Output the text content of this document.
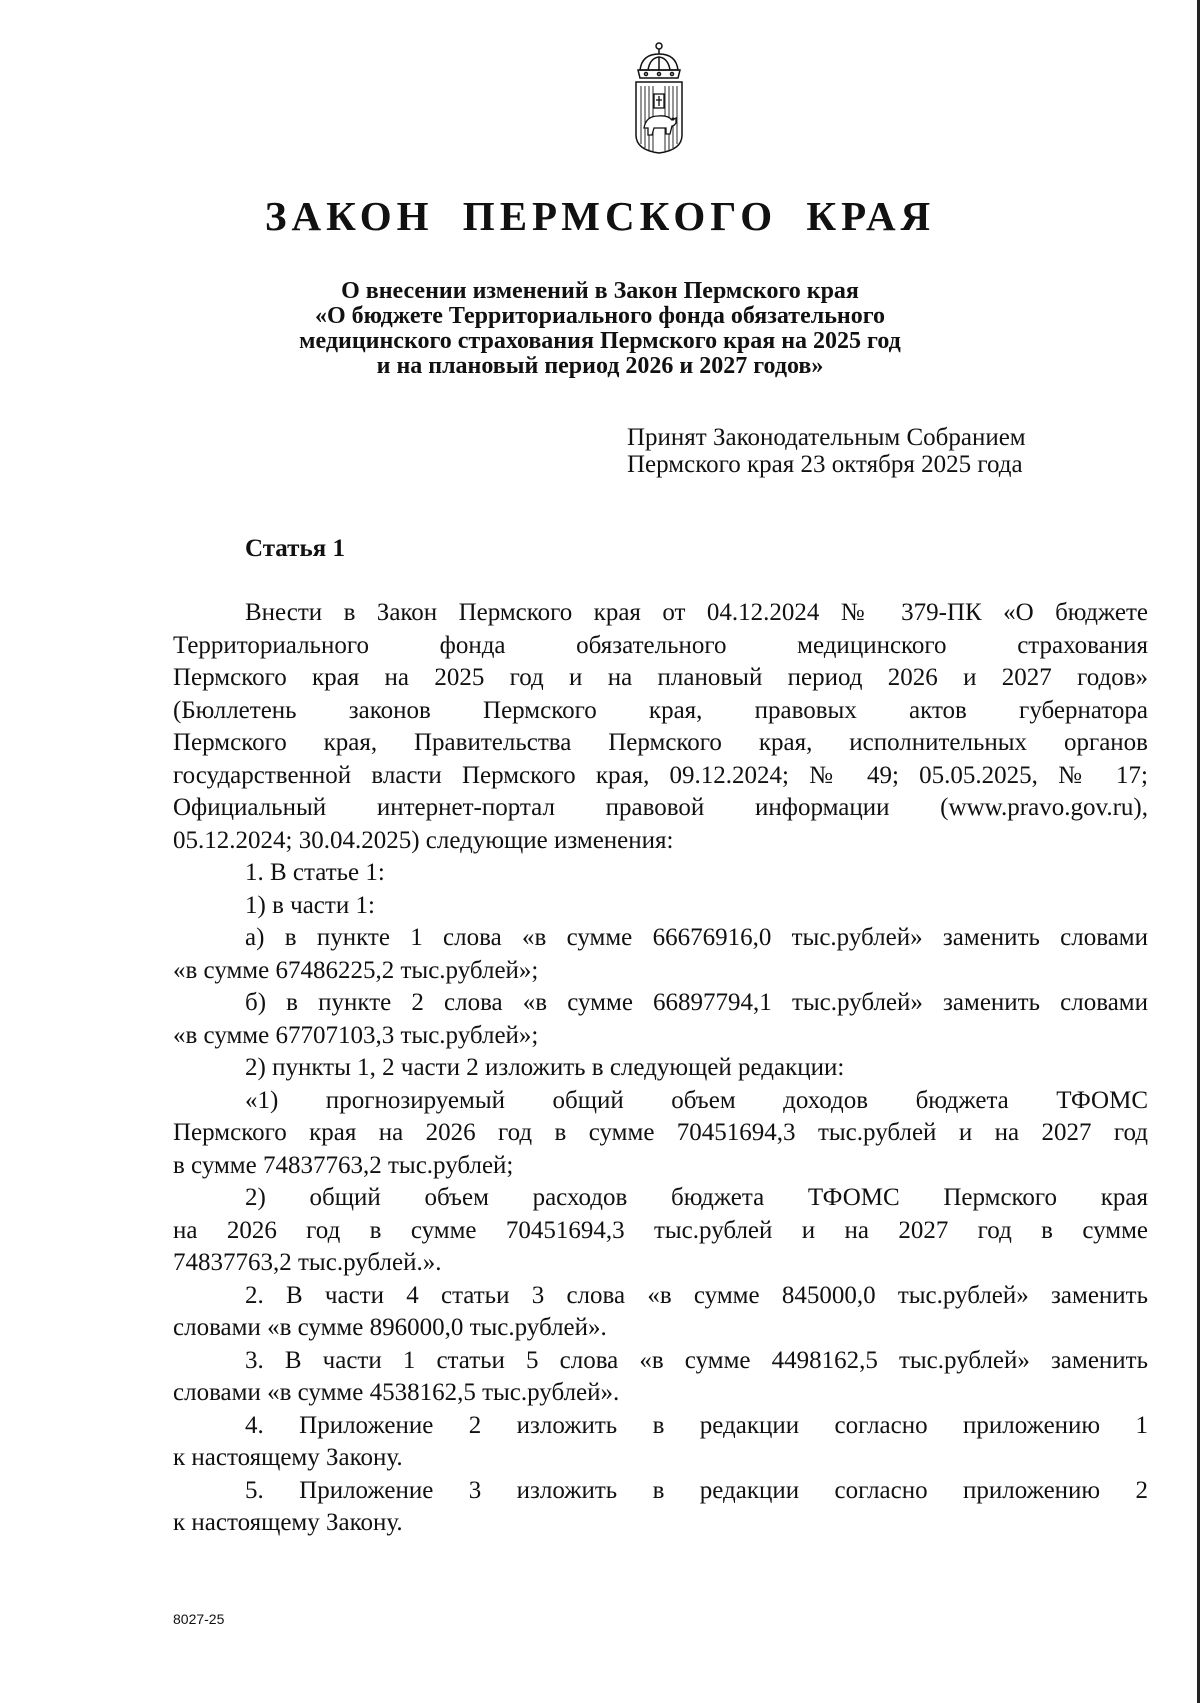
ЗАКОН ПЕРМСКОГО КРАЯ
О внесении изменений в Закон Пермского края
«О бюджете Территориального фонда обязательного
медицинского страхования Пермского края на 2025 год
и на плановый период 2026 и 2027 годов»
Принят Законодательным Собранием
Пермского края 23 октября 2025 года
Статья 1
Внести в Закон Пермского края от 04.12.2024 № 379-ПК «О бюджете
Территориального фонда обязательного медицинского страхования
Пермского края на 2025 год и на плановый период 2026 и 2027 годов»
(Бюллетень законов Пермского края, правовых актов губернатора
Пермского края, Правительства Пермского края, исполнительных органов
государственной власти Пермского края, 09.12.2024; № 49; 05.05.2025, № 17;
Официальный интернет-портал правовой информации (www.pravo.gov.ru),
05.12.2024; 30.04.2025) следующие изменения:
1. В статье 1:
1) в части 1:
а) в пункте 1 слова «в сумме 66676916,0 тыс.рублей» заменить словами
«в сумме 67486225,2 тыс.рублей»;
б) в пункте 2 слова «в сумме 66897794,1 тыс.рублей» заменить словами
«в сумме 67707103,3 тыс.рублей»;
2) пункты 1, 2 части 2 изложить в следующей редакции:
«1) прогнозируемый общий объем доходов бюджета ТФОМС
Пермского края на 2026 год в сумме 70451694,3 тыс.рублей и на 2027 год
в сумме 74837763,2 тыс.рублей;
2) общий объем расходов бюджета ТФОМС Пермского края
на 2026 год в сумме 70451694,3 тыс.рублей и на 2027 год в сумме
74837763,2 тыс.рублей.».
2. В части 4 статьи 3 слова «в сумме 845000,0 тыс.рублей» заменить
словами «в сумме 896000,0 тыс.рублей».
3. В части 1 статьи 5 слова «в сумме 4498162,5 тыс.рублей» заменить
словами «в сумме 4538162,5 тыс.рублей».
4. Приложение 2 изложить в редакции согласно приложению 1
к настоящему Закону.
5. Приложение 3 изложить в редакции согласно приложению 2
к настоящему Закону.
8027-25
